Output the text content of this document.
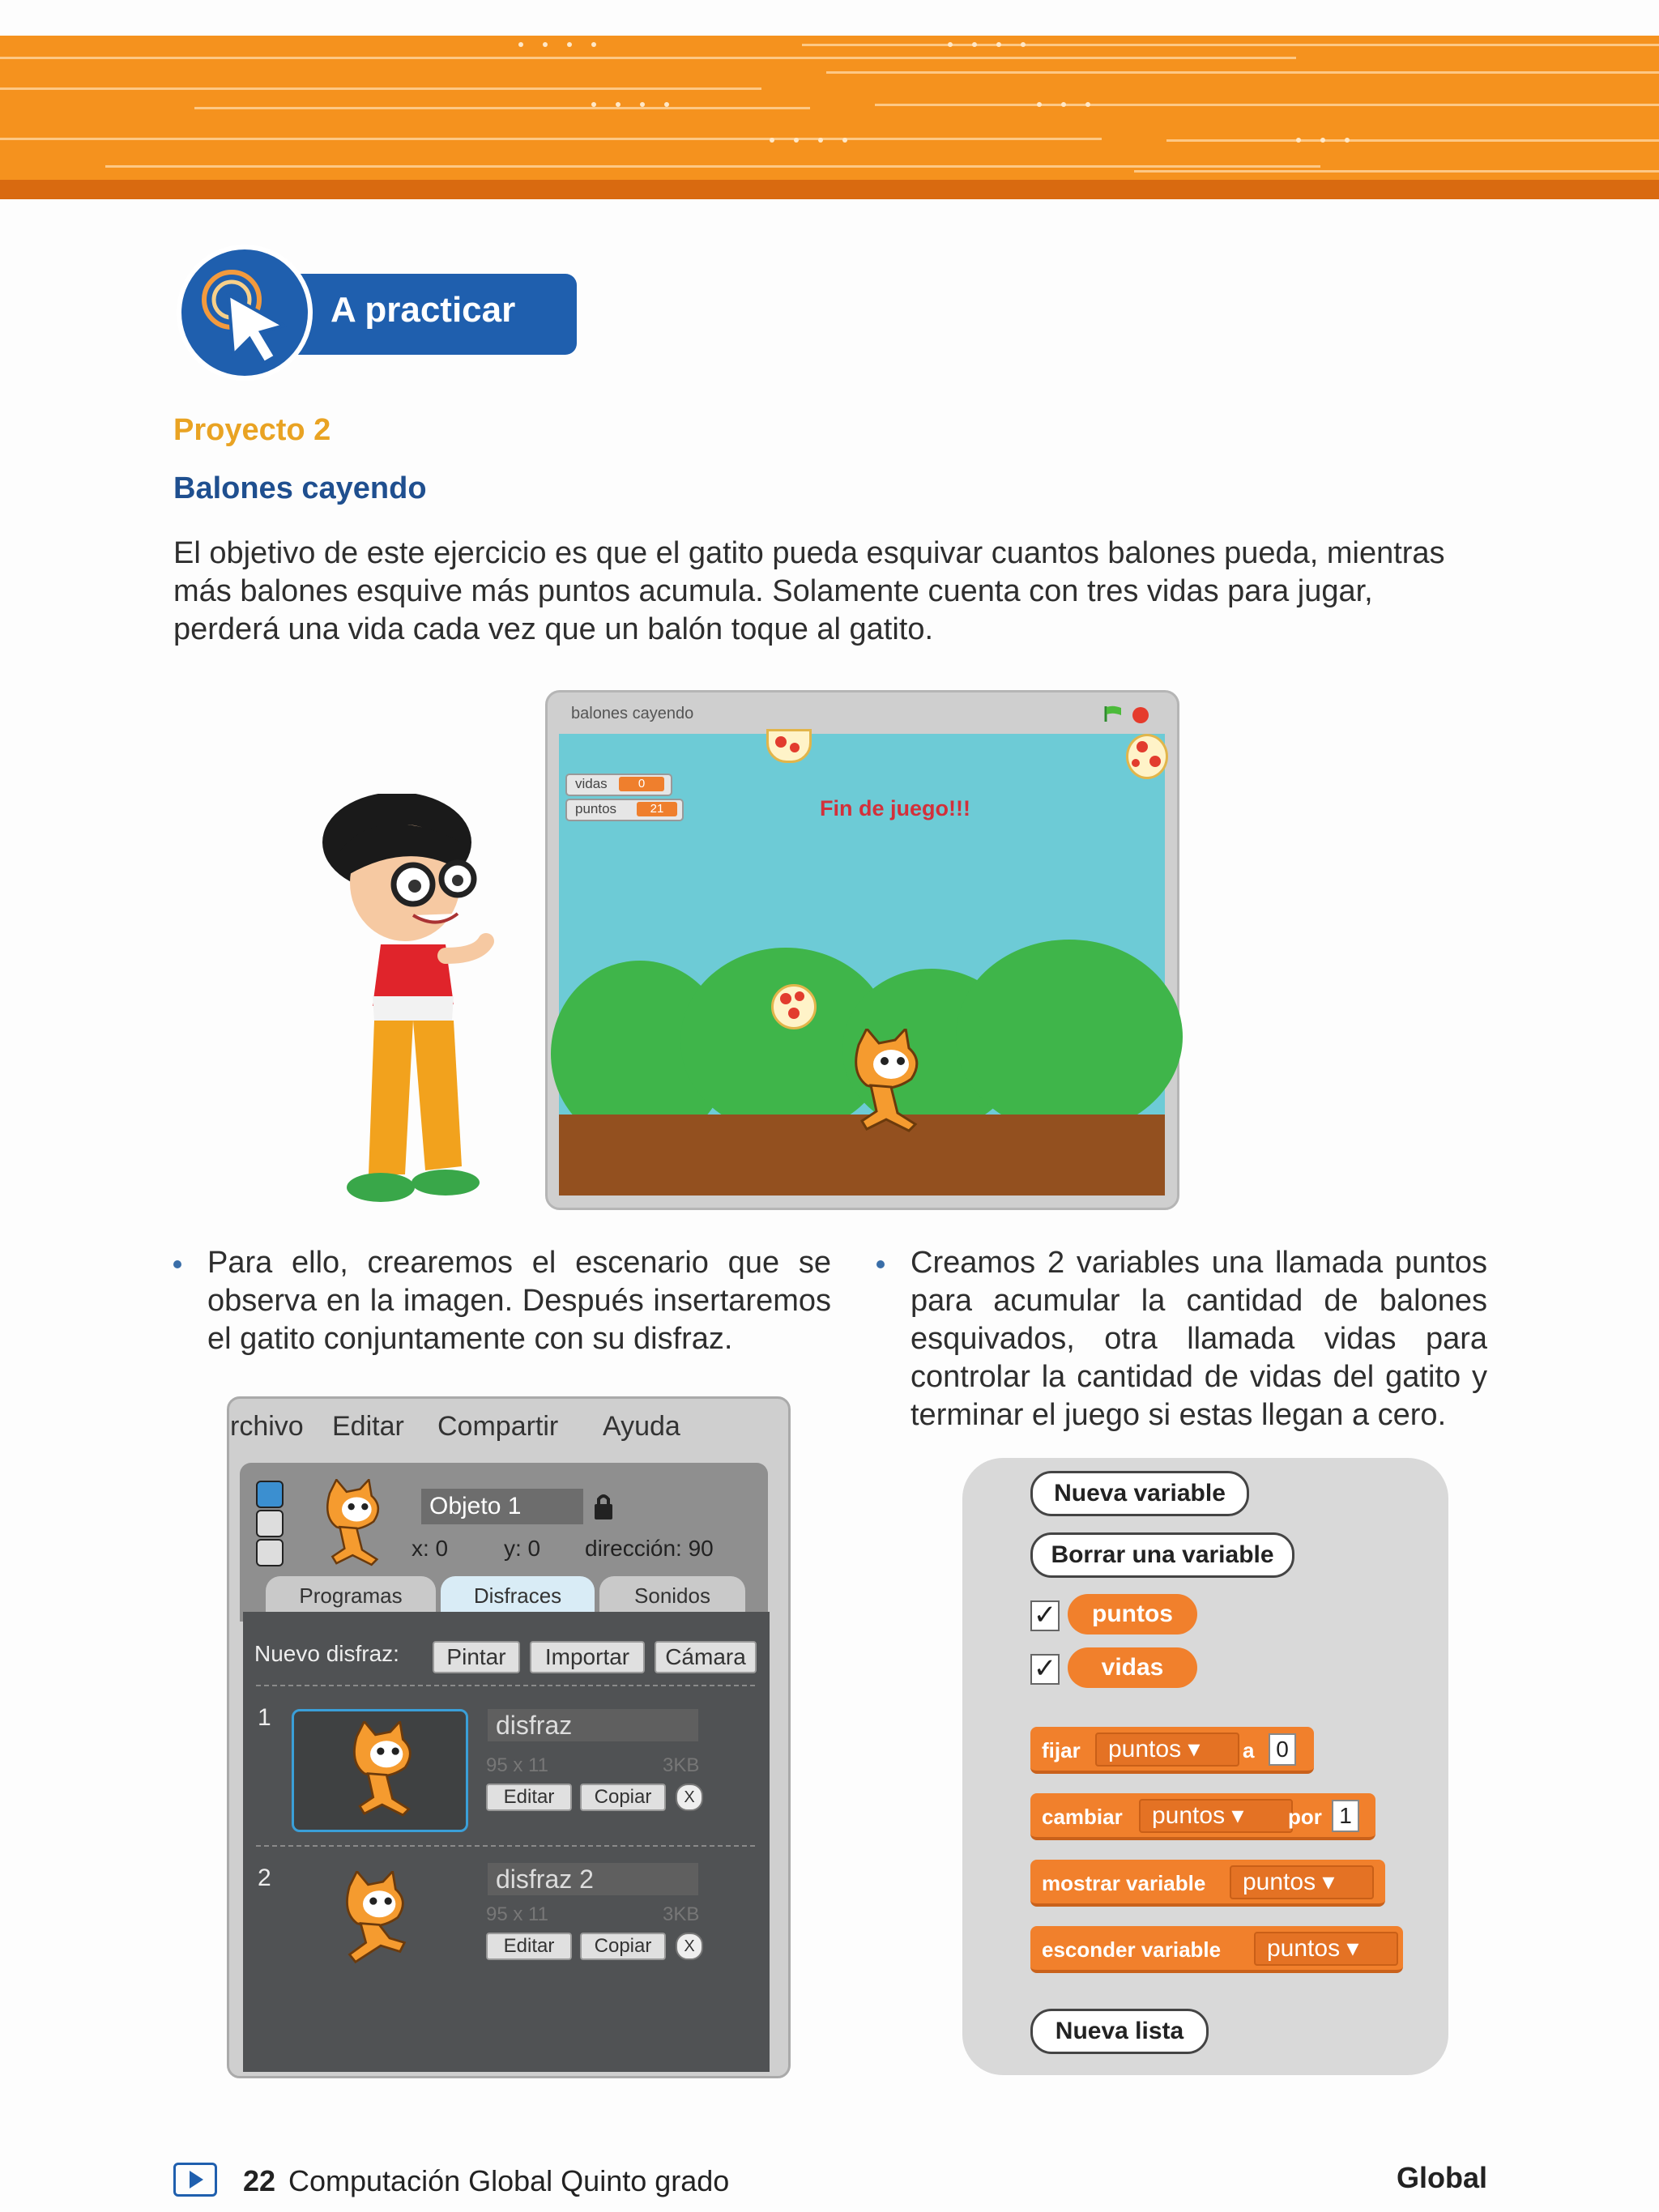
A practicar
Proyecto 2
Balones cayendo
El objetivo de este ejercicio es que el gatito pueda esquivar cuantos balones pueda, mientras más balones esquive más puntos acumula. Solamente cuenta con tres vidas para jugar, perderá una vida cada vez que un balón toque al gatito.
balones cayendo
vidas	0
puntos	21	Fin de juego!!!
Para ello, crearemos el escenario que se observa en la imagen. Después insertaremos el gatito conjuntamente con su disfraz.
Creamos 2 variables una llamada puntos para acumular la cantidad de balones esquivados, otra llamada vidas para controlar la cantidad de vidas del gatito y terminar el juego si estas llegan a cero.
rchivo Editar Compartir Ayuda
Objeto 1
x: 0 y: 0 dirección: 90
Programas	Disfraces	Sonidos
Nuevo disfraz:	Pintar	Importar	Cámara
1	disfraz
95 x 11	3KB
Editar	Copiar	X
2	disfraz 2
95 x 11	3KB
Editar	Copiar	X
Nueva variable
Borrar una variable
✓	puntos
✓	vidas
fijar	puntos ▾	a 0
cambiar	puntos ▾	por 1
mostrar variable	puntos ▾
esconder variable	puntos ▾
Nueva lista
22 Computación Global Quinto grado	Global
